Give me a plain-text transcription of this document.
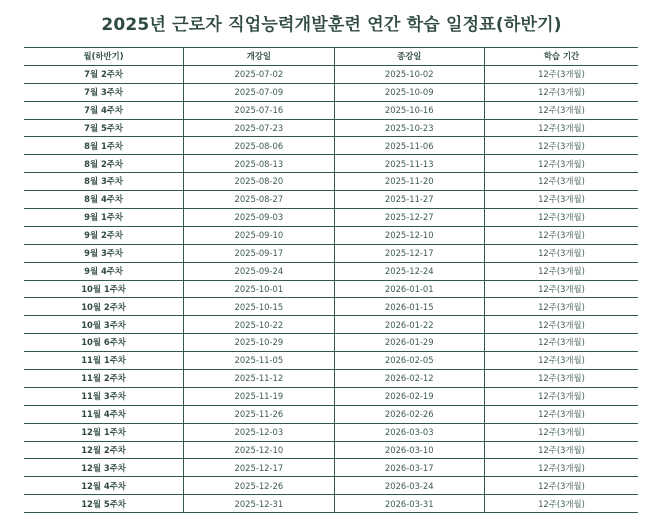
2025년 근로자 직업능력개발훈련 연간 학습 일정표(하반기)
월(하반기)	개강일	종강일	학습 기간
7월 2주차	2025-07-02	2025-10-02	12주(3개월)
7월 3주차	2025-07-09	2025-10-09	12주(3개월)
7월 4주차	2025-07-16	2025-10-16	12주(3개월)
7월 5주차	2025-07-23	2025-10-23	12주(3개월)
8월 1주차	2025-08-06	2025-11-06	12주(3개월)
8월 2주차	2025-08-13	2025-11-13	12주(3개월)
8월 3주차	2025-08-20	2025-11-20	12주(3개월)
8월 4주차	2025-08-27	2025-11-27	12주(3개월)
9월 1주차	2025-09-03	2025-12-27	12주(3개월)
9월 2주차	2025-09-10	2025-12-10	12주(3개월)
9월 3주차	2025-09-17	2025-12-17	12주(3개월)
9월 4주차	2025-09-24	2025-12-24	12주(3개월)
10월 1주차	2025-10-01	2026-01-01	12주(3개월)
10월 2주차	2025-10-15	2026-01-15	12주(3개월)
10월 3주차	2025-10-22	2026-01-22	12주(3개월)
10월 6주차	2025-10-29	2026-01-29	12주(3개월)
11월 1주차	2025-11-05	2026-02-05	12주(3개월)
11월 2주차	2025-11-12	2026-02-12	12주(3개월)
11월 3주차	2025-11-19	2026-02-19	12주(3개월)
11월 4주차	2025-11-26	2026-02-26	12주(3개월)
12월 1주차	2025-12-03	2026-03-03	12주(3개월)
12월 2주차	2025-12-10	2026-03-10	12주(3개월)
12월 3주차	2025-12-17	2026-03-17	12주(3개월)
12월 4주차	2025-12-26	2026-03-24	12주(3개월)
12월 5주차	2025-12-31	2026-03-31	12주(3개월)
